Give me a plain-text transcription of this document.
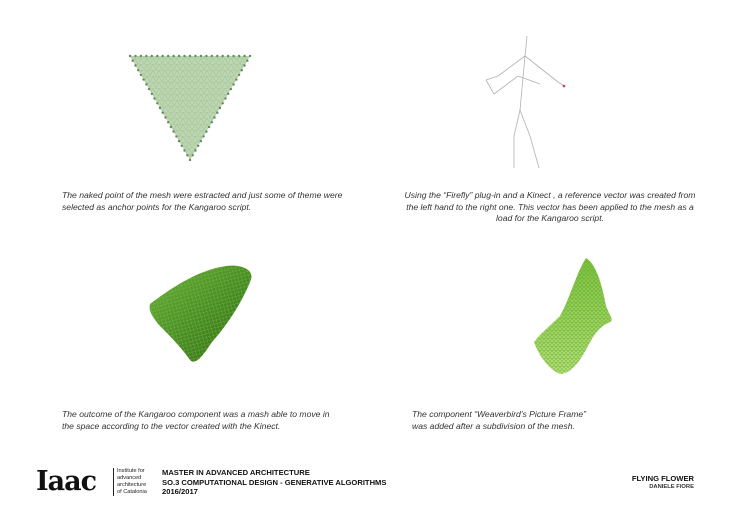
The naked point of the mesh were estracted and just some of theme were selected as anchor points for the Kangaroo script.

Using the “Firefly” plug-in and a Kinect , a reference vector was created from the left hand to the right one. This vector has been applied to the mesh as a load for the Kangaroo script.

The outcome of the Kangaroo component was a mash able to move in the space according to the vector created with the Kinect.

The component “Weaverbird’s Picture Frame” was added after a subdivision of the mesh.

Iaac	Institute for
advanced
architecture
of Catalonia
MASTER IN ADVANCED ARCHITECTURE
SO.3 COMPUTATIONAL DESIGN - GENERATIVE ALGORITHMS
2016/2017
FLYING FLOWER
DANIELE FIORE
